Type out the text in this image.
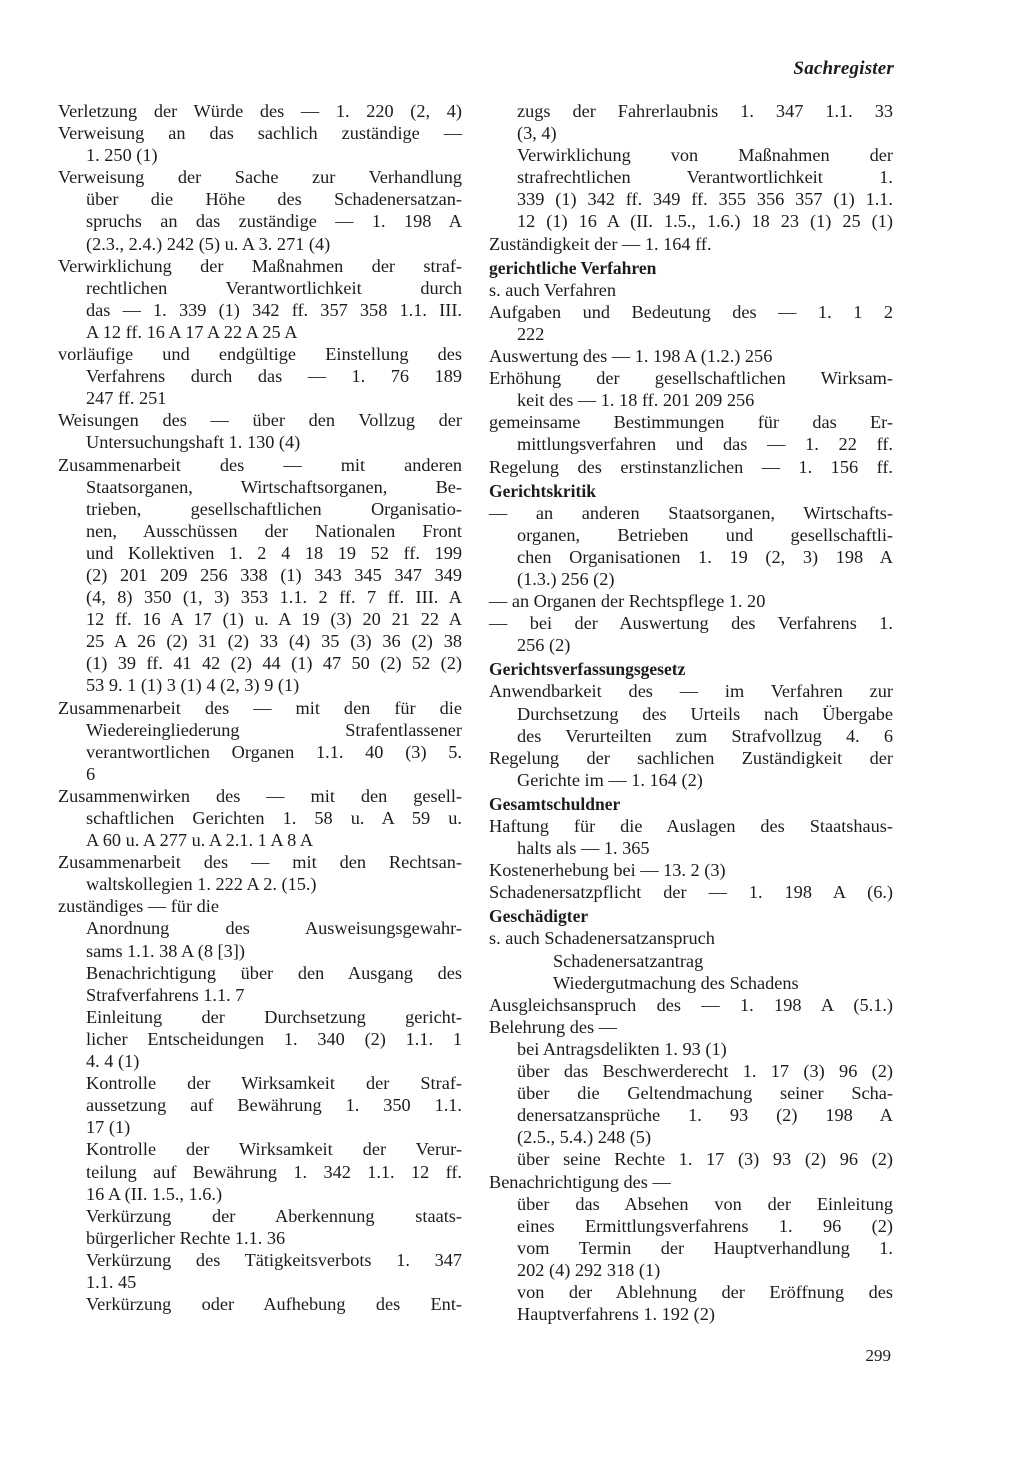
Sachregister

Verletzung der Würde des — 1. 220 (2, 4)

Verweisung an das sachlich zuständige —

1. 250 (1)

Verweisung der Sache zur Verhandlung

über die Höhe des Schadenersatzan-

spruchs an das zuständige — 1. 198 A

(2.3., 2.4.) 242 (5) u. A 3. 271 (4)

Verwirklichung der Maßnahmen der straf-

rechtlichen Verantwortlichkeit durch

das — 1. 339 (1) 342 ff. 357 358 1.1. III.

A 12 ff. 16 A 17 A 22 A 25 A

vorläufige und endgültige Einstellung des

Verfahrens durch das — 1. 76 189

247 ff. 251

Weisungen des — über den Vollzug der

Untersuchungshaft 1. 130 (4)

Zusammenarbeit des — mit anderen

Staatsorganen, Wirtschaftsorganen, Be-

trieben, gesellschaftlichen Organisatio-

nen, Ausschüssen der Nationalen Front

und Kollektiven 1. 2 4 18 19 52 ff. 199

(2) 201 209 256 338 (1) 343 345 347 349

(4, 8) 350 (1, 3) 353 1.1. 2 ff. 7 ff. III. A

12 ff. 16 A 17 (1) u. A 19 (3) 20 21 22 A

25 A 26 (2) 31 (2) 33 (4) 35 (3) 36 (2) 38

(1) 39 ff. 41 42 (2) 44 (1) 47 50 (2) 52 (2)

53 9. 1 (1) 3 (1) 4 (2, 3) 9 (1)

Zusammenarbeit des — mit den für die

Wiedereingliederung Strafentlassener

verantwortlichen Organen 1.1. 40 (3) 5.

6

Zusammenwirken des — mit den gesell-

schaftlichen Gerichten 1. 58 u. A 59 u.

A 60 u. A 277 u. A 2.1. 1 A 8 A

Zusammenarbeit des — mit den Rechtsan-

waltskollegien 1. 222 A 2. (15.)

zuständiges — für die

Anordnung des Ausweisungsgewahr-

sams 1.1. 38 A (8 [3])

Benachrichtigung über den Ausgang des

Strafverfahrens 1.1. 7

Einleitung der Durchsetzung gericht-

licher Entscheidungen 1. 340 (2) 1.1. 1

4. 4 (1)

Kontrolle der Wirksamkeit der Straf-

aussetzung auf Bewährung 1. 350 1.1.

17 (1)

Kontrolle der Wirksamkeit der Verur-

teilung auf Bewährung 1. 342 1.1. 12 ff.

16 A (II. 1.5., 1.6.)

Verkürzung der Aberkennung staats-

bürgerlicher Rechte 1.1. 36

Verkürzung des Tätigkeitsverbots 1. 347

1.1. 45

Verkürzung oder Aufhebung des Ent-

zugs der Fahrerlaubnis 1. 347 1.1. 33

(3, 4)

Verwirklichung von Maßnahmen der

strafrechtlichen Verantwortlichkeit 1.

339 (1) 342 ff. 349 ff. 355 356 357 (1) 1.1.

12 (1) 16 A (II. 1.5., 1.6.) 18 23 (1) 25 (1)

Zuständigkeit der — 1. 164 ff.

gerichtliche Verfahren

s. auch Verfahren

Aufgaben und Bedeutung des — 1. 1 2

222

Auswertung des — 1. 198 A (1.2.) 256

Erhöhung der gesellschaftlichen Wirksam-

keit des — 1. 18 ff. 201 209 256

gemeinsame Bestimmungen für das Er-

mittlungsverfahren und das — 1. 22 ff.

Regelung des erstinstanzlichen — 1. 156 ff.

Gerichtskritik

— an anderen Staatsorganen, Wirtschafts-

organen, Betrieben und gesellschaftli-

chen Organisationen 1. 19 (2, 3) 198 A

(1.3.) 256 (2)

— an Organen der Rechtspflege 1. 20

— bei der Auswertung des Verfahrens 1.

256 (2)

Gerichtsverfassungsgesetz

Anwendbarkeit des — im Verfahren zur

Durchsetzung des Urteils nach Übergabe

des Verurteilten zum Strafvollzug 4. 6

Regelung der sachlichen Zuständigkeit der

Gerichte im — 1. 164 (2)

Gesamtschuldner

Haftung für die Auslagen des Staatshaus-

halts als — 1. 365

Kostenerhebung bei — 13. 2 (3)

Schadenersatzpflicht der — 1. 198 A (6.)

Geschädigter

s. auch Schadenersatzanspruch

Schadenersatzantrag

Wiedergutmachung des Schadens

Ausgleichsanspruch des — 1. 198 A (5.1.)

Belehrung des —

bei Antragsdelikten 1. 93 (1)

über das Beschwerderecht 1. 17 (3) 96 (2)

über die Geltendmachung seiner Scha-

denersatzansprüche 1. 93 (2) 198 A

(2.5., 5.4.) 248 (5)

über seine Rechte 1. 17 (3) 93 (2) 96 (2)

Benachrichtigung des —

über das Absehen von der Einleitung

eines Ermittlungsverfahrens 1. 96 (2)

vom Termin der Hauptverhandlung 1.

202 (4) 292 318 (1)

von der Ablehnung der Eröffnung des

Hauptverfahrens 1. 192 (2)

299
